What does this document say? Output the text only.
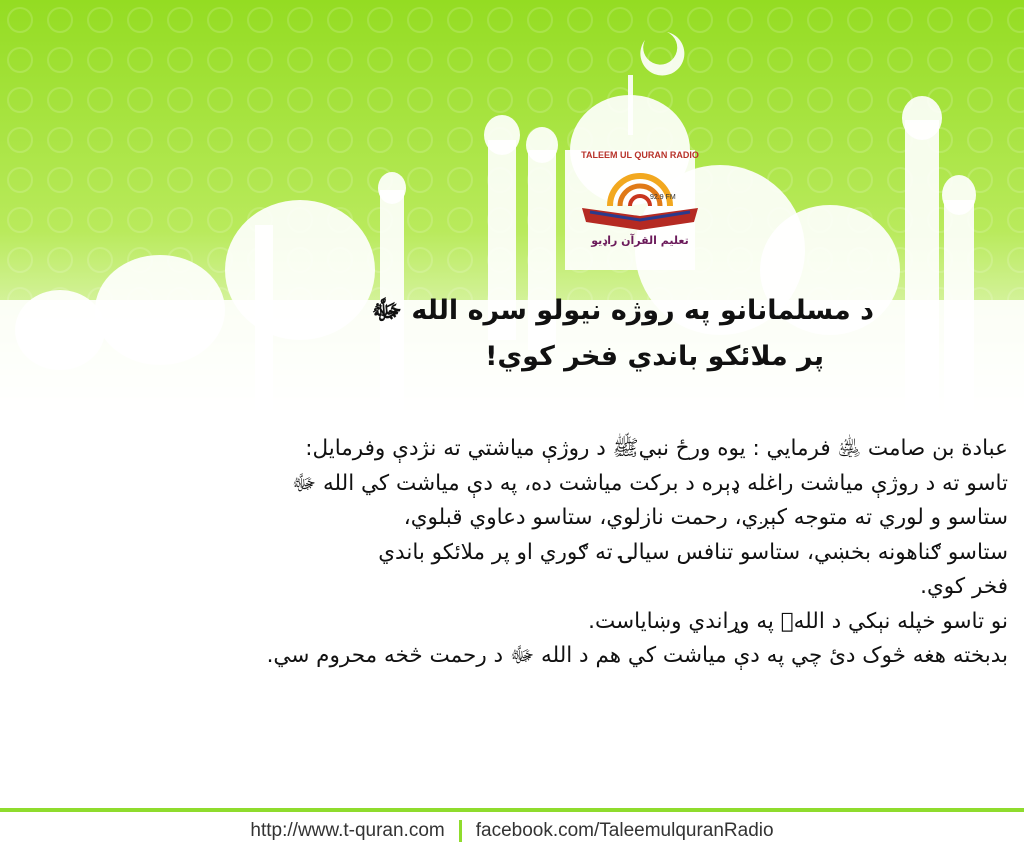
TALEEM UL QURAN RADIO
92.9 FM
تعلیم القرآن راډیو
د مسلمانانو په روژه نيولو سره الله ﷻ
پر ملائکو باندي فخر کوي!
عبادة بن صامت ﵁ فرمايي : يوه ورځ نبيﷺ د روژې مياشتي ته نژدې وفرمايل:
تاسو ته د روژې مياشت راغله ډېره د برکت مياشت ده، په دې مياشت کي الله ﷻ
ستاسو و لوري ته متوجه کېږي، رحمت نازلوي، ستاسو دعاوي قبلوي،
ستاسو ګناهونه بخښي، ستاسو تنافس سيالۍ ته ګوري او پر ملائکو باندي
فخر کوي.
نو تاسو خپله نېکي د الله﷯ په وړاندي وښاياست.
بدبخته هغه څوک دئ چي په دې مياشت کي هم د الله ﷻ د رحمت څخه محروم سي.
http://www.t-quran.com facebook.com/TaleemulquranRadio
